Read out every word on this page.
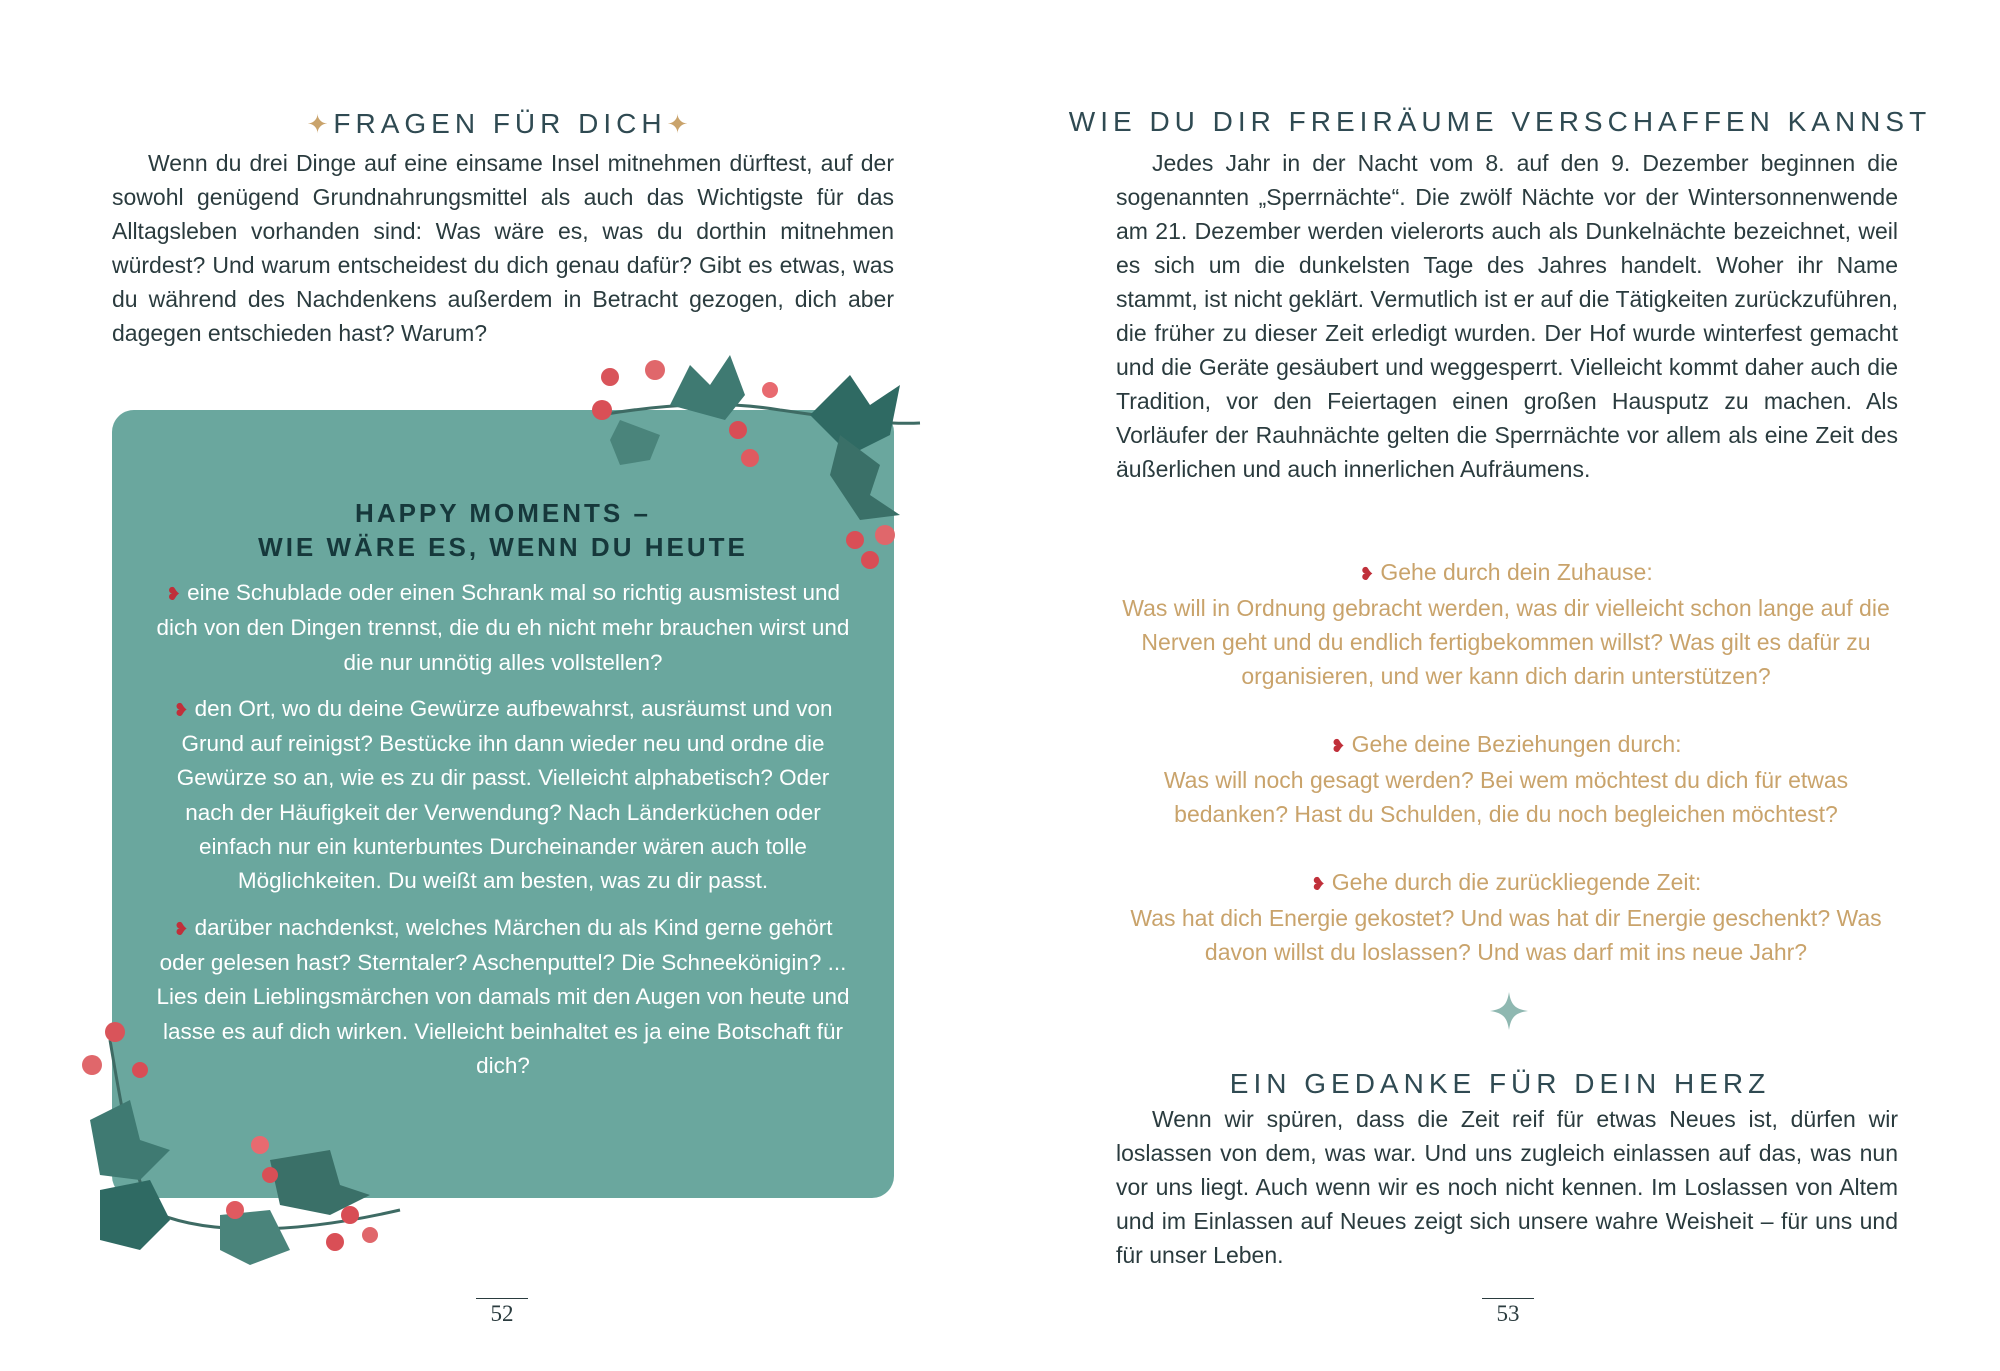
✦FRAGEN FÜR DICH✦

Wenn du drei Dinge auf eine einsame Insel mitnehmen dürftest, auf der sowohl genügend Grundnahrungsmittel als auch das Wichtigste für das Alltagsleben vorhanden sind: Was wäre es, was du dorthin mitnehmen würdest? Und warum entscheidest du dich genau dafür? Gibt es etwas, was du während des Nachdenkens außerdem in Betracht gezogen, dich aber dagegen entschieden hast? Warum?

HAPPY MOMENTS –
WIE WÄRE ES, WENN DU HEUTE
❥ eine Schublade oder einen Schrank mal so richtig ausmistest und dich von den Dingen trennst, die du eh nicht mehr brauchen wirst und die nur unnötig alles vollstellen?
❥ den Ort, wo du deine Gewürze aufbewahrst, ausräumst und von Grund auf reinigst? Bestücke ihn dann wieder neu und ordne die Gewürze so an, wie es zu dir passt. Vielleicht alphabetisch? Oder nach der Häufigkeit der Verwendung? Nach Länderküchen oder einfach nur ein kunterbuntes Durcheinander wären auch tolle Möglichkeiten. Du weißt am besten, was zu dir passt.
❥ darüber nachdenkst, welches Märchen du als Kind gerne gehört oder gelesen hast? Sterntaler? Aschenputtel? Die Schneekönigin? ... Lies dein Lieblingsmärchen von damals mit den Augen von heute und lasse es auf dich wirken. Vielleicht beinhaltet es ja eine Botschaft für dich?
52
WIE DU DIR FREIRÄUME VERSCHAFFEN KANNST

Jedes Jahr in der Nacht vom 8. auf den 9. Dezember beginnen die sogenannten „Sperrnächte“. Die zwölf Nächte vor der Wintersonnenwende am 21. Dezember werden vielerorts auch als Dunkelnächte bezeichnet, weil es sich um die dunkelsten Tage des Jahres handelt. Woher ihr Name stammt, ist nicht geklärt. Vermutlich ist er auf die Tätigkeiten zurückzuführen, die früher zu dieser Zeit erledigt wurden. Der Hof wurde winterfest gemacht und die Geräte gesäubert und weggesperrt. Vielleicht kommt daher auch die Tradition, vor den Feiertagen einen großen Hausputz zu machen. Als Vorläufer der Rauhnächte gelten die Sperrnächte vor allem als eine Zeit des äußerlichen und auch innerlichen Aufräumens.

❥ Gehe durch dein Zuhause:
Was will in Ordnung gebracht werden, was dir vielleicht schon lange auf die Nerven geht und du endlich fertigbekommen willst? Was gilt es dafür zu organisieren, und wer kann dich darin unterstützen?
❥ Gehe deine Beziehungen durch:
Was will noch gesagt werden? Bei wem möchtest du dich für etwas bedanken? Hast du Schulden, die du noch begleichen möchtest?
❥ Gehe durch die zurückliegende Zeit:
Was hat dich Energie gekostet? Und was hat dir Energie geschenkt? Was davon willst du loslassen? Und was darf mit ins neue Jahr?
EIN GEDANKE FÜR DEIN HERZ

Wenn wir spüren, dass die Zeit reif für etwas Neues ist, dürfen wir loslassen von dem, was war. Und uns zugleich einlassen auf das, was nun vor uns liegt. Auch wenn wir es noch nicht kennen. Im Loslassen von Altem und im Einlassen auf Neues zeigt sich unsere wahre Weisheit – für uns und für unser Leben.

53
